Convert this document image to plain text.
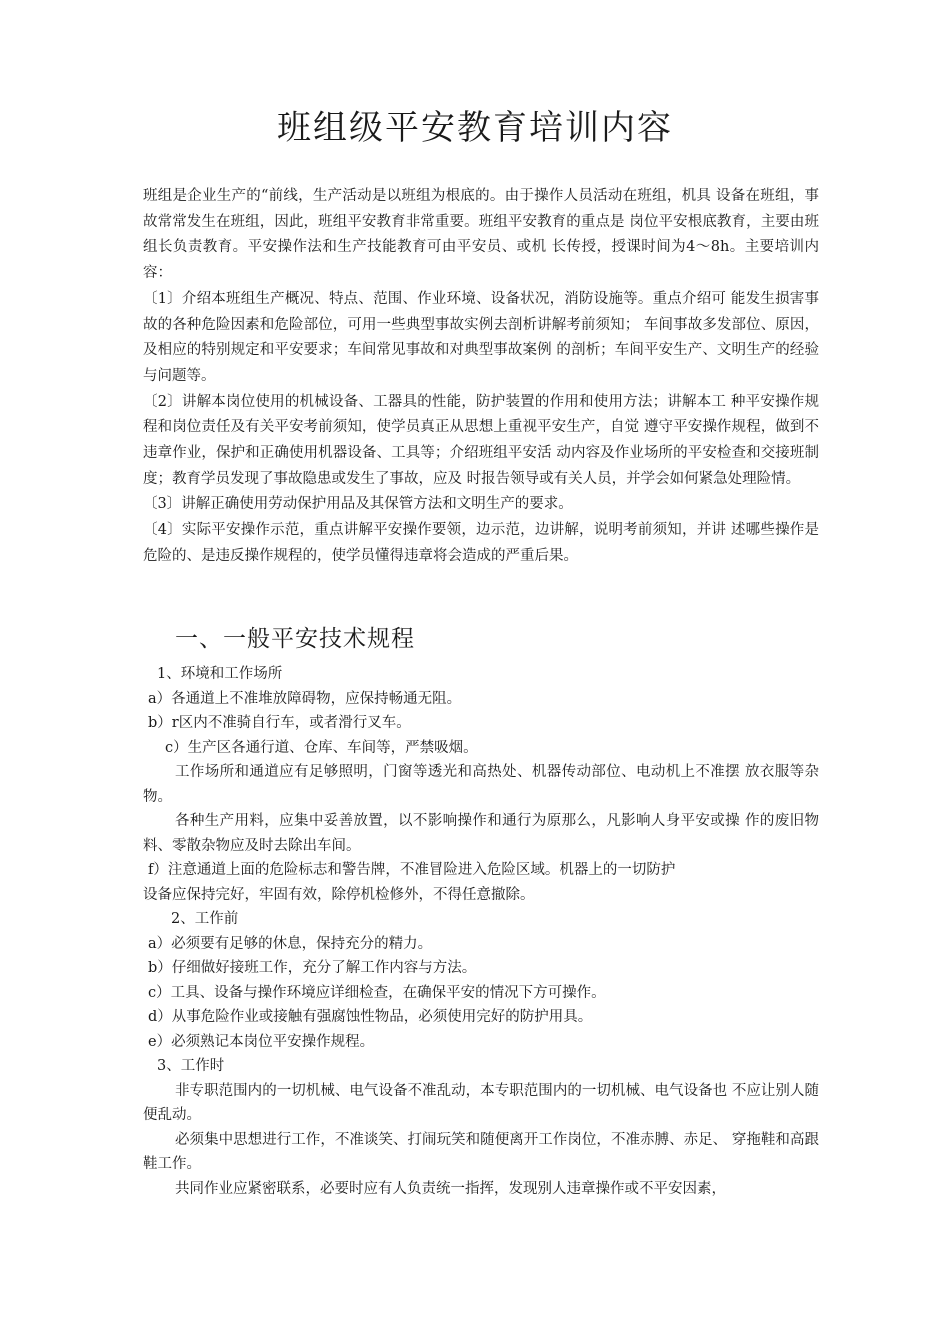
班组级平安教育培训内容

班组是企业生产的“前线，生产活动是以班组为根底的。由于操作人员活动在班组，机具 设备在班组，事故常常发生在班组，因此，班组平安教育非常重要。班组平安教育的重点是 岗位平安根底教育，主要由班组长负责教育。平安操作法和生产技能教育可由平安员、或机 长传授，授课时间为4〜8h。主要培训内容：

〔1〕介绍本班组生产概况、特点、范围、作业环境、设备状况，消防设施等。重点介绍可 能发生损害事故的各种危险因素和危险部位，可用一些典型事故实例去剖析讲解考前须知； 车间事故多发部位、原因，及相应的特别规定和平安要求；车间常见事故和对典型事故案例 的剖析；车间平安生产、文明生产的经验与问题等。

〔2〕讲解本岗位使用的机械设备、工器具的性能，防护装置的作用和使用方法；讲解本工 种平安操作规程和岗位责任及有关平安考前须知，使学员真正从思想上重视平安生产，自觉 遵守平安操作规程，做到不违章作业，保护和正确使用机器设备、工具等；介绍班组平安活 动内容及作业场所的平安检查和交接班制度；教育学员发现了事故隐患或发生了事故，应及 时报告领导或有关人员，并学会如何紧急处理险情。

〔3〕讲解正确使用劳动保护用品及其保管方法和文明生产的要求。

〔4〕实际平安操作示范，重点讲解平安操作要领，边示范，边讲解，说明考前须知，并讲 述哪些操作是危险的、是违反操作规程的，使学员懂得违章将会造成的严重后果。

一、一般平安技术规程

1、环境和工作场所

a）各通道上不准堆放障碍物，应保持畅通无阻。

b）r区内不准骑自行车，或者滑行叉车。

c）生产区各通行道、仓库、车间等，严禁吸烟。

工作场所和通道应有足够照明，门窗等透光和高热处、机器传动部位、电动机上不准摆 放衣服等杂物。

各种生产用料，应集中妥善放置，以不影响操作和通行为原那么，凡影响人身平安或操 作的废旧物料、零散杂物应及时去除出车间。

f）注意通道上面的危险标志和警告牌，不准冒险进入危险区域。机器上的一切防护

设备应保持完好，牢固有效，除停机检修外，不得任意撤除。

2、工作前

a）必须要有足够的休息，保持充分的精力。

b）仔细做好接班工作，充分了解工作内容与方法。

c）工具、设备与操作环境应详细检查，在确保平安的情况下方可操作。

d）从事危险作业或接触有强腐蚀性物品，必须使用完好的防护用具。

e）必须熟记本岗位平安操作规程。

3、工作时

非专职范围内的一切机械、电气设备不准乱动，本专职范围内的一切机械、电气设备也 不应让别人随便乱动。

必须集中思想进行工作，不准谈笑、打闹玩笑和随便离开工作岗位，不准赤膊、赤足、 穿拖鞋和高跟鞋工作。

共同作业应紧密联系，必要时应有人负责统一指挥，发现别人违章操作或不平安因素，
